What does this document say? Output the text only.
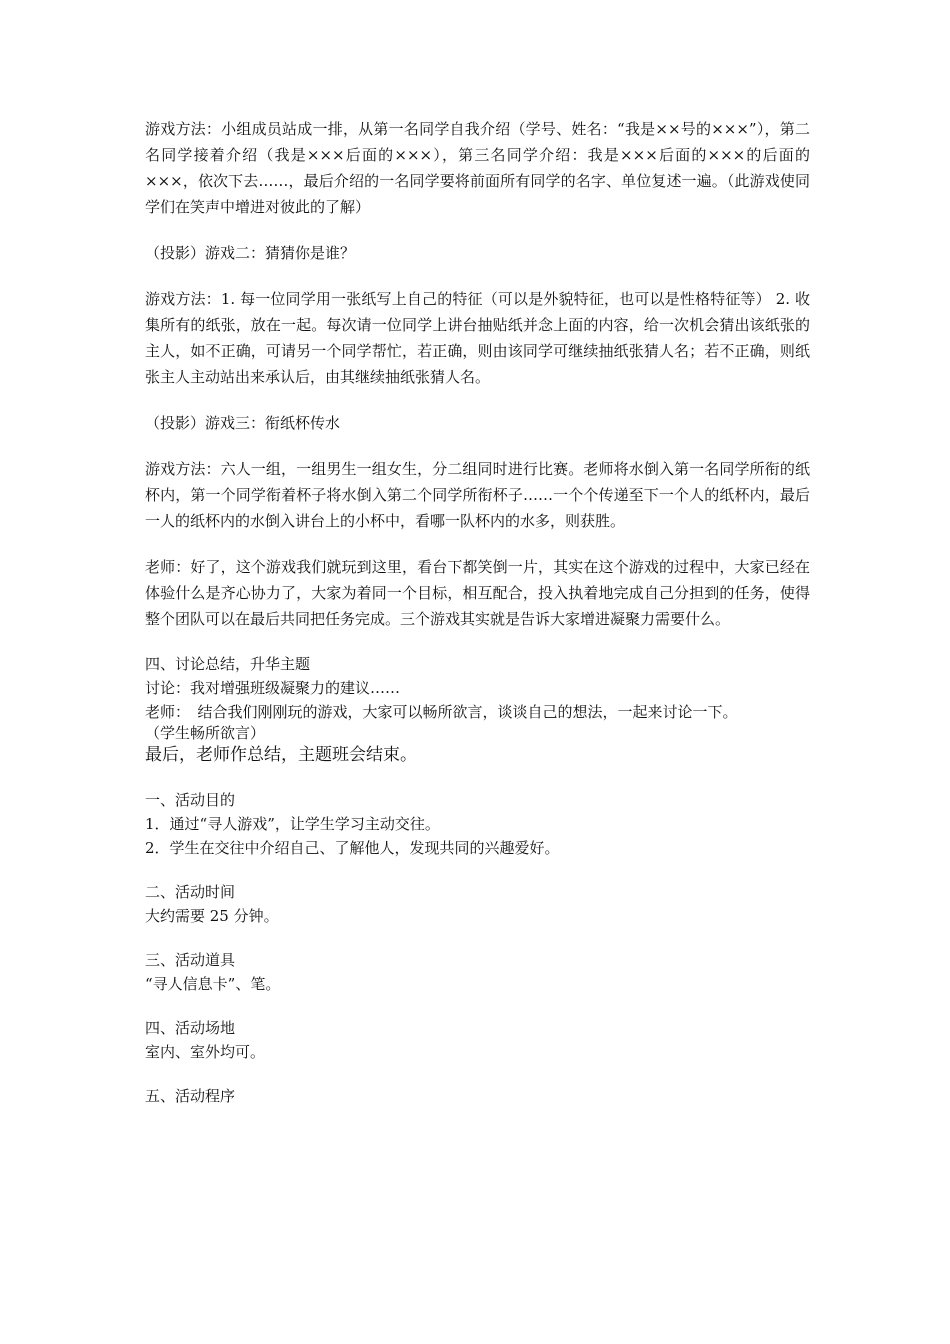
游戏方法：小组成员站成一排，从第一名同学自我介绍（学号、姓名：“我是××号的×××”），第二名同学接着介绍（我是×××后面的×××），第三名同学介绍：我是×××后面的×××的后面的×××，依次下去……，最后介绍的一名同学要将前面所有同学的名字、单位复述一遍。（此游戏使同学们在笑声中增进对彼此的了解）

（投影）游戏二：猜猜你是谁？

游戏方法：1. 每一位同学用一张纸写上自己的特征（可以是外貌特征，也可以是性格特征等） 2. 收集所有的纸张，放在一起。每次请一位同学上讲台抽贴纸并念上面的内容，给一次机会猜出该纸张的主人，如不正确，可请另一个同学帮忙，若正确，则由该同学可继续抽纸张猜人名；若不正确，则纸张主人主动站出来承认后，由其继续抽纸张猜人名。

（投影）游戏三：衔纸杯传水

游戏方法：六人一组，一组男生一组女生，分二组同时进行比赛。老师将水倒入第一名同学所衔的纸杯内，第一个同学衔着杯子将水倒入第二个同学所衔杯子……一个个传递至下一个人的纸杯内，最后一人的纸杯内的水倒入讲台上的小杯中，看哪一队杯内的水多，则获胜。

老师：好了，这个游戏我们就玩到这里，看台下都笑倒一片，其实在这个游戏的过程中，大家已经在体验什么是齐心协力了，大家为着同一个目标，相互配合，投入执着地完成自己分担到的任务，使得整个团队可以在最后共同把任务完成。三个游戏其实就是告诉大家增进凝聚力需要什么。

四、讨论总结，升华主题

讨论：我对增强班级凝聚力的建议……

老师：　结合我们刚刚玩的游戏，大家可以畅所欲言，谈谈自己的想法，一起来讨论一下。

（学生畅所欲言）

最后，老师作总结，主题班会结束。

一、活动目的

1．通过“寻人游戏”，让学生学习主动交往。

2．学生在交往中介绍自己、了解他人，发现共同的兴趣爱好。

二、活动时间

大约需要 25 分钟。

三、活动道具

“寻人信息卡”、笔。

四、活动场地

室内、室外均可。

五、活动程序
